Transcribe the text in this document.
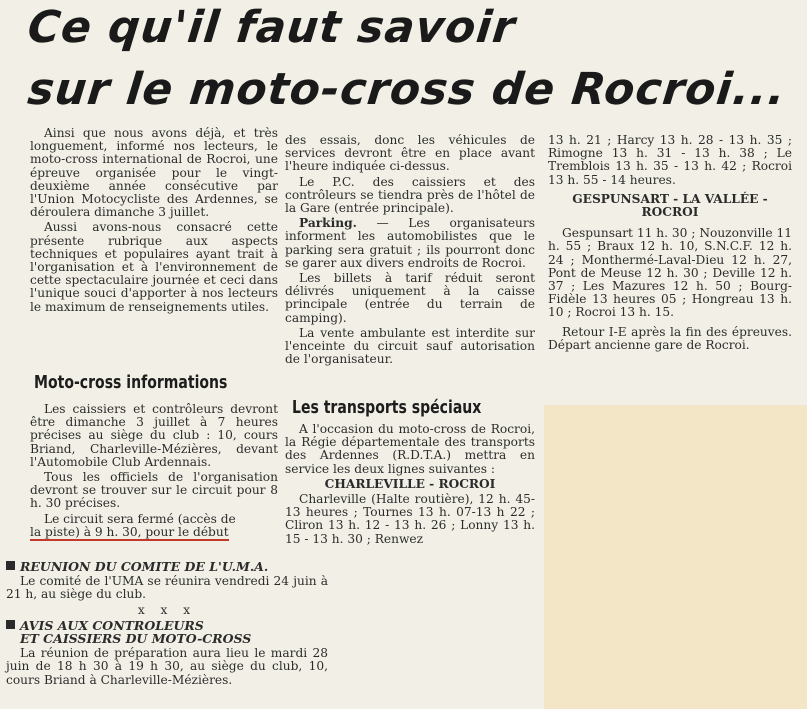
Ce qu'il faut savoir
sur le moto-cross de Rocroi...

Ainsi que nous avons déjà, et très longuement, informé nos lecteurs, le moto-cross international de Rocroi, une épreuve organisée pour le vingt-deuxième année consécutive par l'Union Motocycliste des Ardennes, se déroulera dimanche 3 juillet.

Aussi avons-nous consacré cette présente rubrique aux aspects techniques et populaires ayant trait à l'organisation et à l'environnement de cette spectaculaire journée et ceci dans l'unique souci d'apporter à nos lecteurs le maximum de renseignements utiles.

Moto-cross informations

Les caissiers et contrôleurs devront être dimanche 3 juillet à 7 heures précises au siège du club : 10, cours Briand, Charleville-Mézières, devant l'Automobile Club Ardennais.

Tous les officiels de l'organisation devront se trouver sur le circuit pour 8 h. 30 précises.

Le circuit sera fermé (accès de

la piste) à 9 h. 30, pour le début

REUNION DU COMITE DE L'U.M.A.

Le comité de l'UMA se réunira vendredi 24 juin à 21 h, au siège du club.

x x x

AVIS AUX CONTROLEURS

ET CAISSIERS DU MOTO-CROSS

La réunion de préparation aura lieu le mardi 28 juin de 18 h 30 à 19 h 30, au siège du club, 10, cours Briand à Charleville-Mézières.

des essais, donc les véhicules de services devront être en place avant l'heure indiquée ci-dessus.

Le P.C. des caissiers et des contrôleurs se tiendra près de l'hôtel de la Gare (entrée principale).

Parking. — Les organisateurs informent les automobilistes que le parking sera gratuit ; ils pourront donc se garer aux divers endroits de Rocroi.

Les billets à tarif réduit seront délivrés uniquement à la caisse principale (entrée du terrain de camping).

La vente ambulante est interdite sur l'enceinte du circuit sauf autorisation de l'organisateur.

Les transports spéciaux

A l'occasion du moto-cross de Rocroi, la Régie départementale des transports des Ardennes (R.D.T.A.) mettra en service les deux lignes suivantes :

CHARLEVILLE - ROCROI

Charleville (Halte routière), 12 h. 45-13 heures ; Tournes 13 h. 07-13 h 22 ; Cliron 13 h. 12 - 13 h. 26 ; Lonny 13 h. 15 - 13 h. 30 ; Renwez

13 h. 21 ; Harcy 13 h. 28 - 13 h. 35 ; Rimogne 13 h. 31 - 13 h. 38 ; Le Tremblois 13 h. 35 - 13 h. 42 ; Rocroi 13 h. 55 - 14 heures.

GESPUNSART - LA VALLÉE -

ROCROI

Gespunsart 11 h. 30 ; Nouzonville 11 h. 55 ; Braux 12 h. 10, S.N.C.F. 12 h. 24 ; Monthermé-Laval-Dieu 12 h. 27, Pont de Meuse 12 h. 30 ; Deville 12 h. 37 ; Les Mazures 12 h. 50 ; Bourg-Fidèle 13 heures 05 ; Hongreau 13 h. 10 ; Rocroi 13 h. 15.

Retour I-E après la fin des épreuves. Départ ancienne gare de Rocroi.
